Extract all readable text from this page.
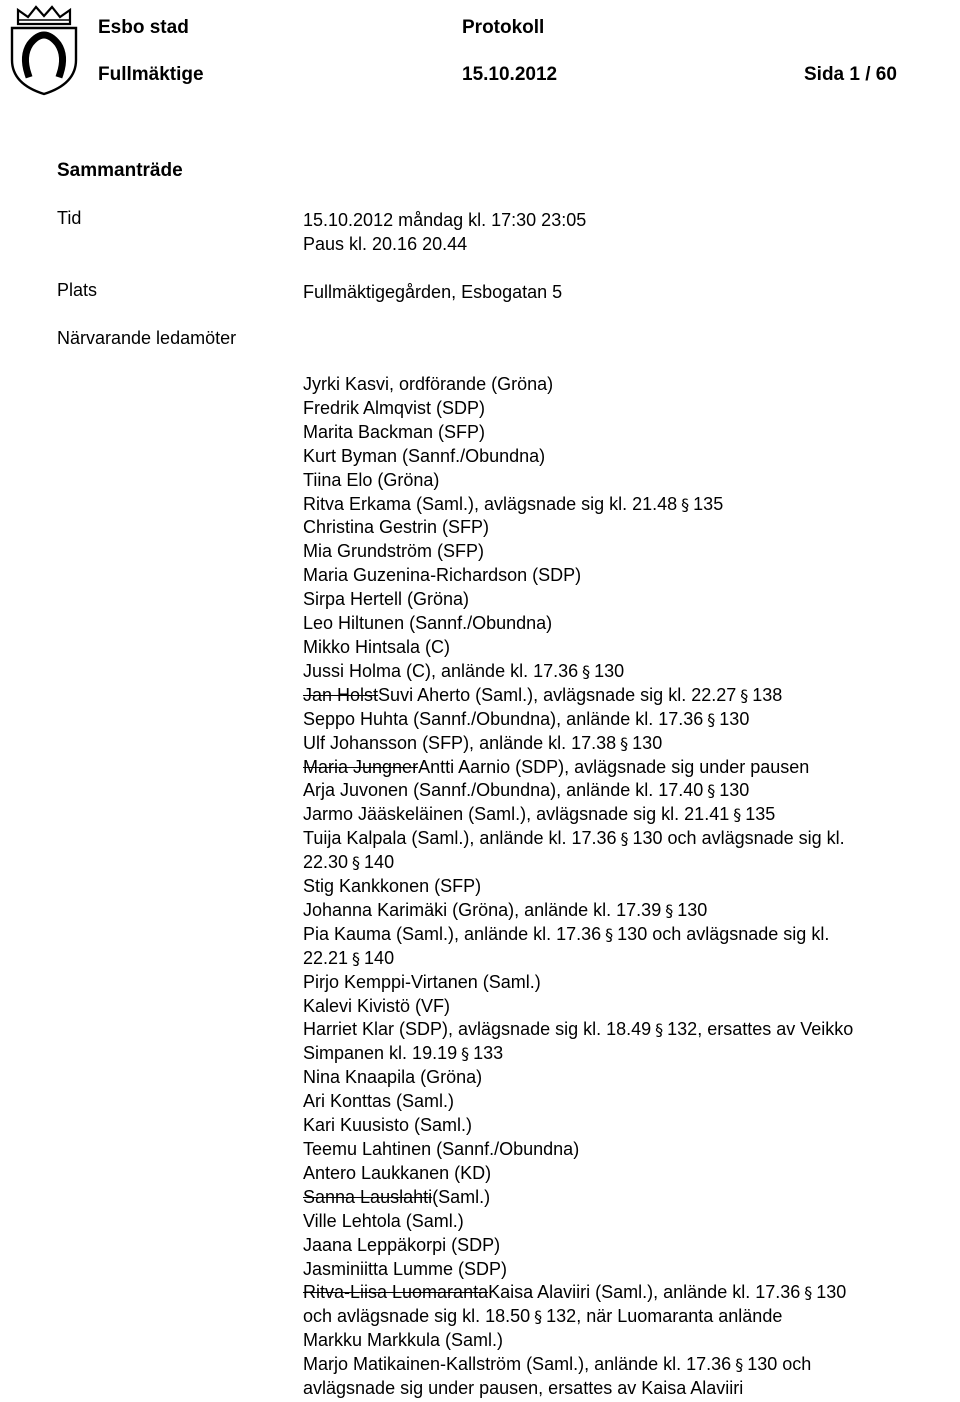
Esbo stad	Protokoll
Fullmäktige	15.10.2012	Sida 1 / 60
Sammanträde
Tid	15.10.2012 måndag kl. 17:30 23:05
Paus kl. 20.16 20.44
Plats	Fullmäktigegården, Esbogatan 5
Närvarande ledamöter
Jyrki Kasvi, ordförande (Gröna)
Fredrik Almqvist (SDP)
Marita Backman (SFP)
Kurt Byman (Sannf./Obundna)
Tiina Elo (Gröna)
Ritva Erkama (Saml.), avlägsnade sig kl. 21.48 § 135
Christina Gestrin (SFP)
Mia Grundström (SFP)
Maria Guzenina-Richardson (SDP)
Sirpa Hertell (Gröna)
Leo Hiltunen (Sannf./Obundna)
Mikko Hintsala (C)
Jussi Holma (C), anlände kl. 17.36 § 130
Jan HolstSuvi Aherto (Saml.), avlägsnade sig kl. 22.27 § 138
Seppo Huhta (Sannf./Obundna), anlände kl. 17.36 § 130
Ulf Johansson (SFP), anlände kl. 17.38 § 130
Maria JungnerAntti Aarnio (SDP), avlägsnade sig under pausen
Arja Juvonen (Sannf./Obundna), anlände kl. 17.40 § 130
Jarmo Jääskeläinen (Saml.), avlägsnade sig kl. 21.41 § 135
Tuija Kalpala (Saml.), anlände kl. 17.36 § 130 och avlägsnade sig kl.
22.30 § 140
Stig Kankkonen (SFP)
Johanna Karimäki (Gröna), anlände kl. 17.39 § 130
Pia Kauma (Saml.), anlände kl. 17.36 § 130 och avlägsnade sig kl.
22.21 § 140
Pirjo Kemppi-Virtanen (Saml.)
Kalevi Kivistö (VF)
Harriet Klar (SDP), avlägsnade sig kl. 18.49 § 132, ersattes av Veikko
Simpanen kl. 19.19 § 133
Nina Knaapila (Gröna)
Ari Konttas (Saml.)
Kari Kuusisto (Saml.)
Teemu Lahtinen (Sannf./Obundna)
Antero Laukkanen (KD)
Sanna Lauslahti(Saml.)
Ville Lehtola (Saml.)
Jaana Leppäkorpi (SDP)
Jasminiitta Lumme (SDP)
Ritva-Liisa LuomarantaKaisa Alaviiri (Saml.), anlände kl. 17.36 § 130
och avlägsnade sig kl. 18.50 § 132, när Luomaranta anlände
Markku Markkula (Saml.)
Marjo Matikainen-Kallström (Saml.), anlände kl. 17.36 § 130 och
avlägsnade sig under pausen, ersattes av Kaisa Alaviiri
